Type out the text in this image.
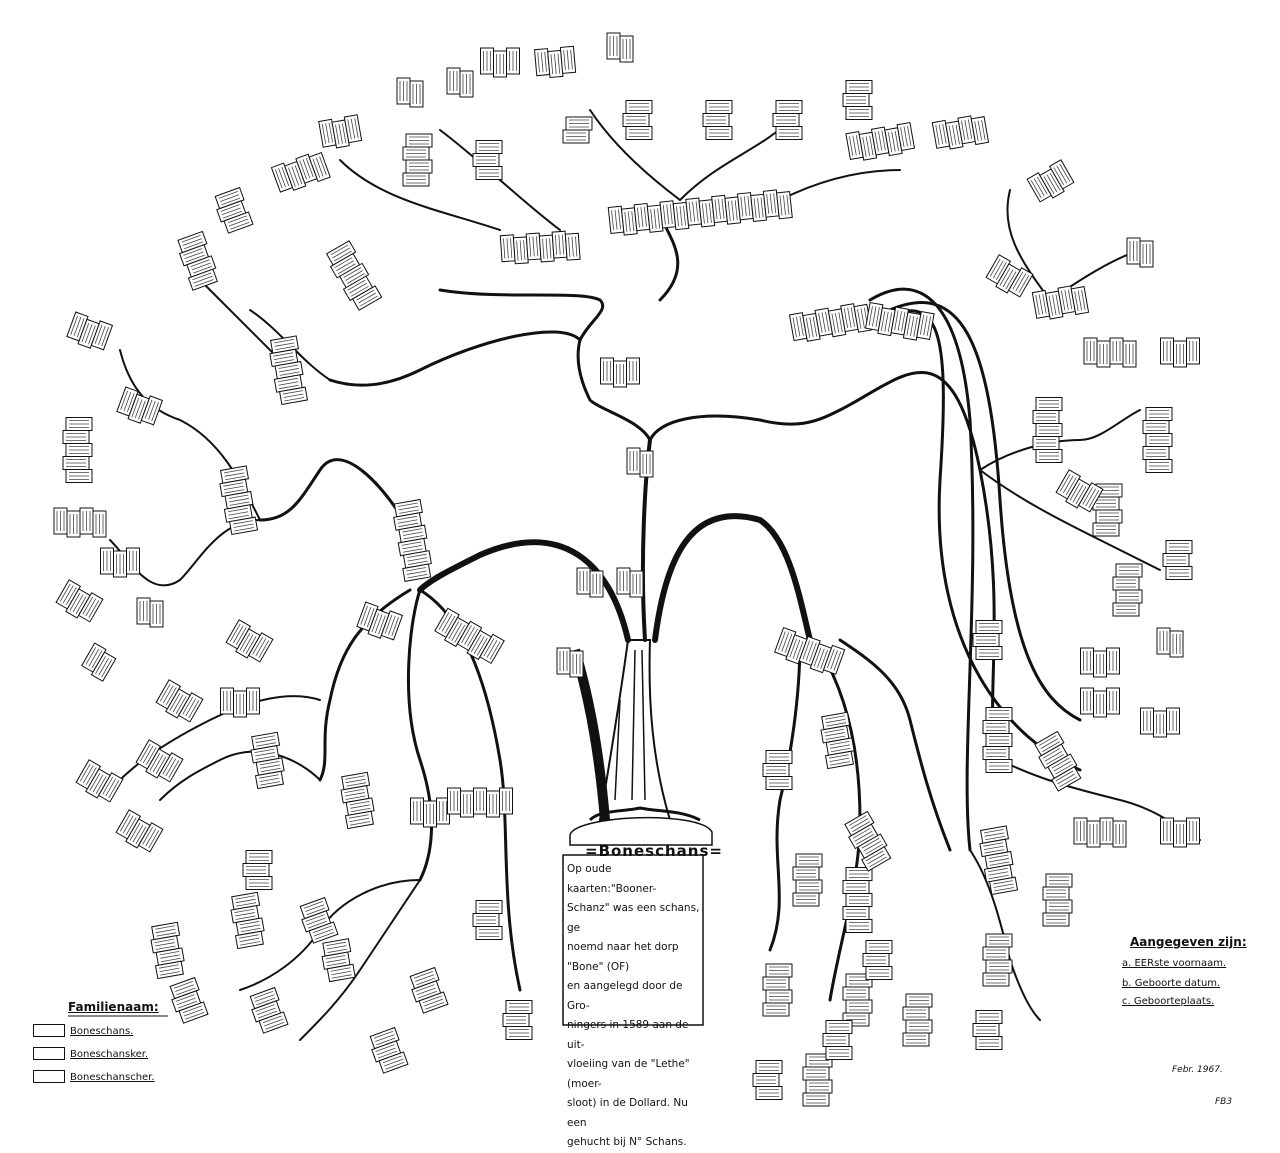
=Boneschans=
Op oude kaarten:"Booner-
Schanz" was een schans, ge
noemd naar het dorp "Bone" (OF)
en aangelegd door de Gro-
ningers in 1589 aan de uit-
vloeiing van de "Lethe" (moer-
sloot) in de Dollard. Nu een
gehucht bij N° Schans.
Familienaam:
Boneschans.
Boneschansker.
Boneschanscher.
Aangegeven zijn:
a. EERste voornaam.
b. Geboorte datum.
c. Geboorteplaats.
Febr. 1967.
FB3
